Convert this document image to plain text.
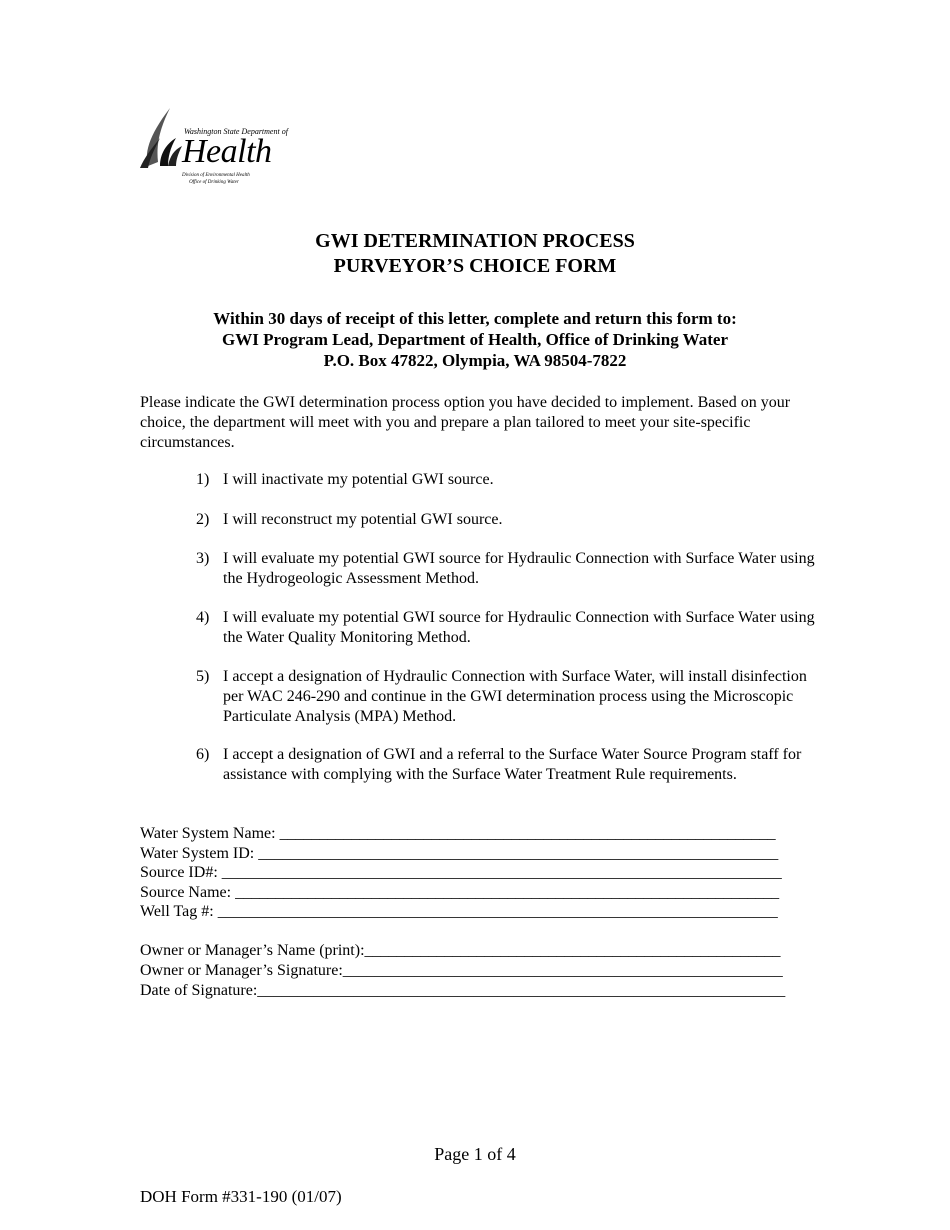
Washington State Department of
Health
Division of Environmental Health
Office of Drinking Water
GWI DETERMINATION PROCESS
PURVEYOR’S CHOICE FORM
Within 30 days of receipt of this letter, complete and return this form to:
GWI Program Lead, Department of Health, Office of Drinking Water
P.O. Box 47822, Olympia, WA 98504-7822
Please indicate the GWI determination process option you have decided to implement. Based on your choice, the department will meet with you and prepare a plan tailored to meet your site-specific circumstances.
1) I will inactivate my potential GWI source.
2) I will reconstruct my potential GWI source.
3) I will evaluate my potential GWI source for Hydraulic Connection with Surface Water using the Hydrogeologic Assessment Method.
4) I will evaluate my potential GWI source for Hydraulic Connection with Surface Water using the Water Quality Monitoring Method.
5) I accept a designation of Hydraulic Connection with Surface Water, will install disinfection per WAC 246-290 and continue in the GWI determination process using the Microscopic Particulate Analysis (MPA) Method.
6) I accept a designation of GWI and a referral to the Surface Water Source Program staff for assistance with complying with the Surface Water Treatment Rule requirements.
Water System Name: ______________________________________________________________
Water System ID: _________________________________________________________________
Source ID#: ______________________________________________________________________
Source Name: ____________________________________________________________________
Well Tag #: ______________________________________________________________________
Owner or Manager’s Name (print):____________________________________________________
Owner or Manager’s Signature:_______________________________________________________
Date of Signature:__________________________________________________________________
Page 1 of 4
DOH Form #331-190 (01/07)
